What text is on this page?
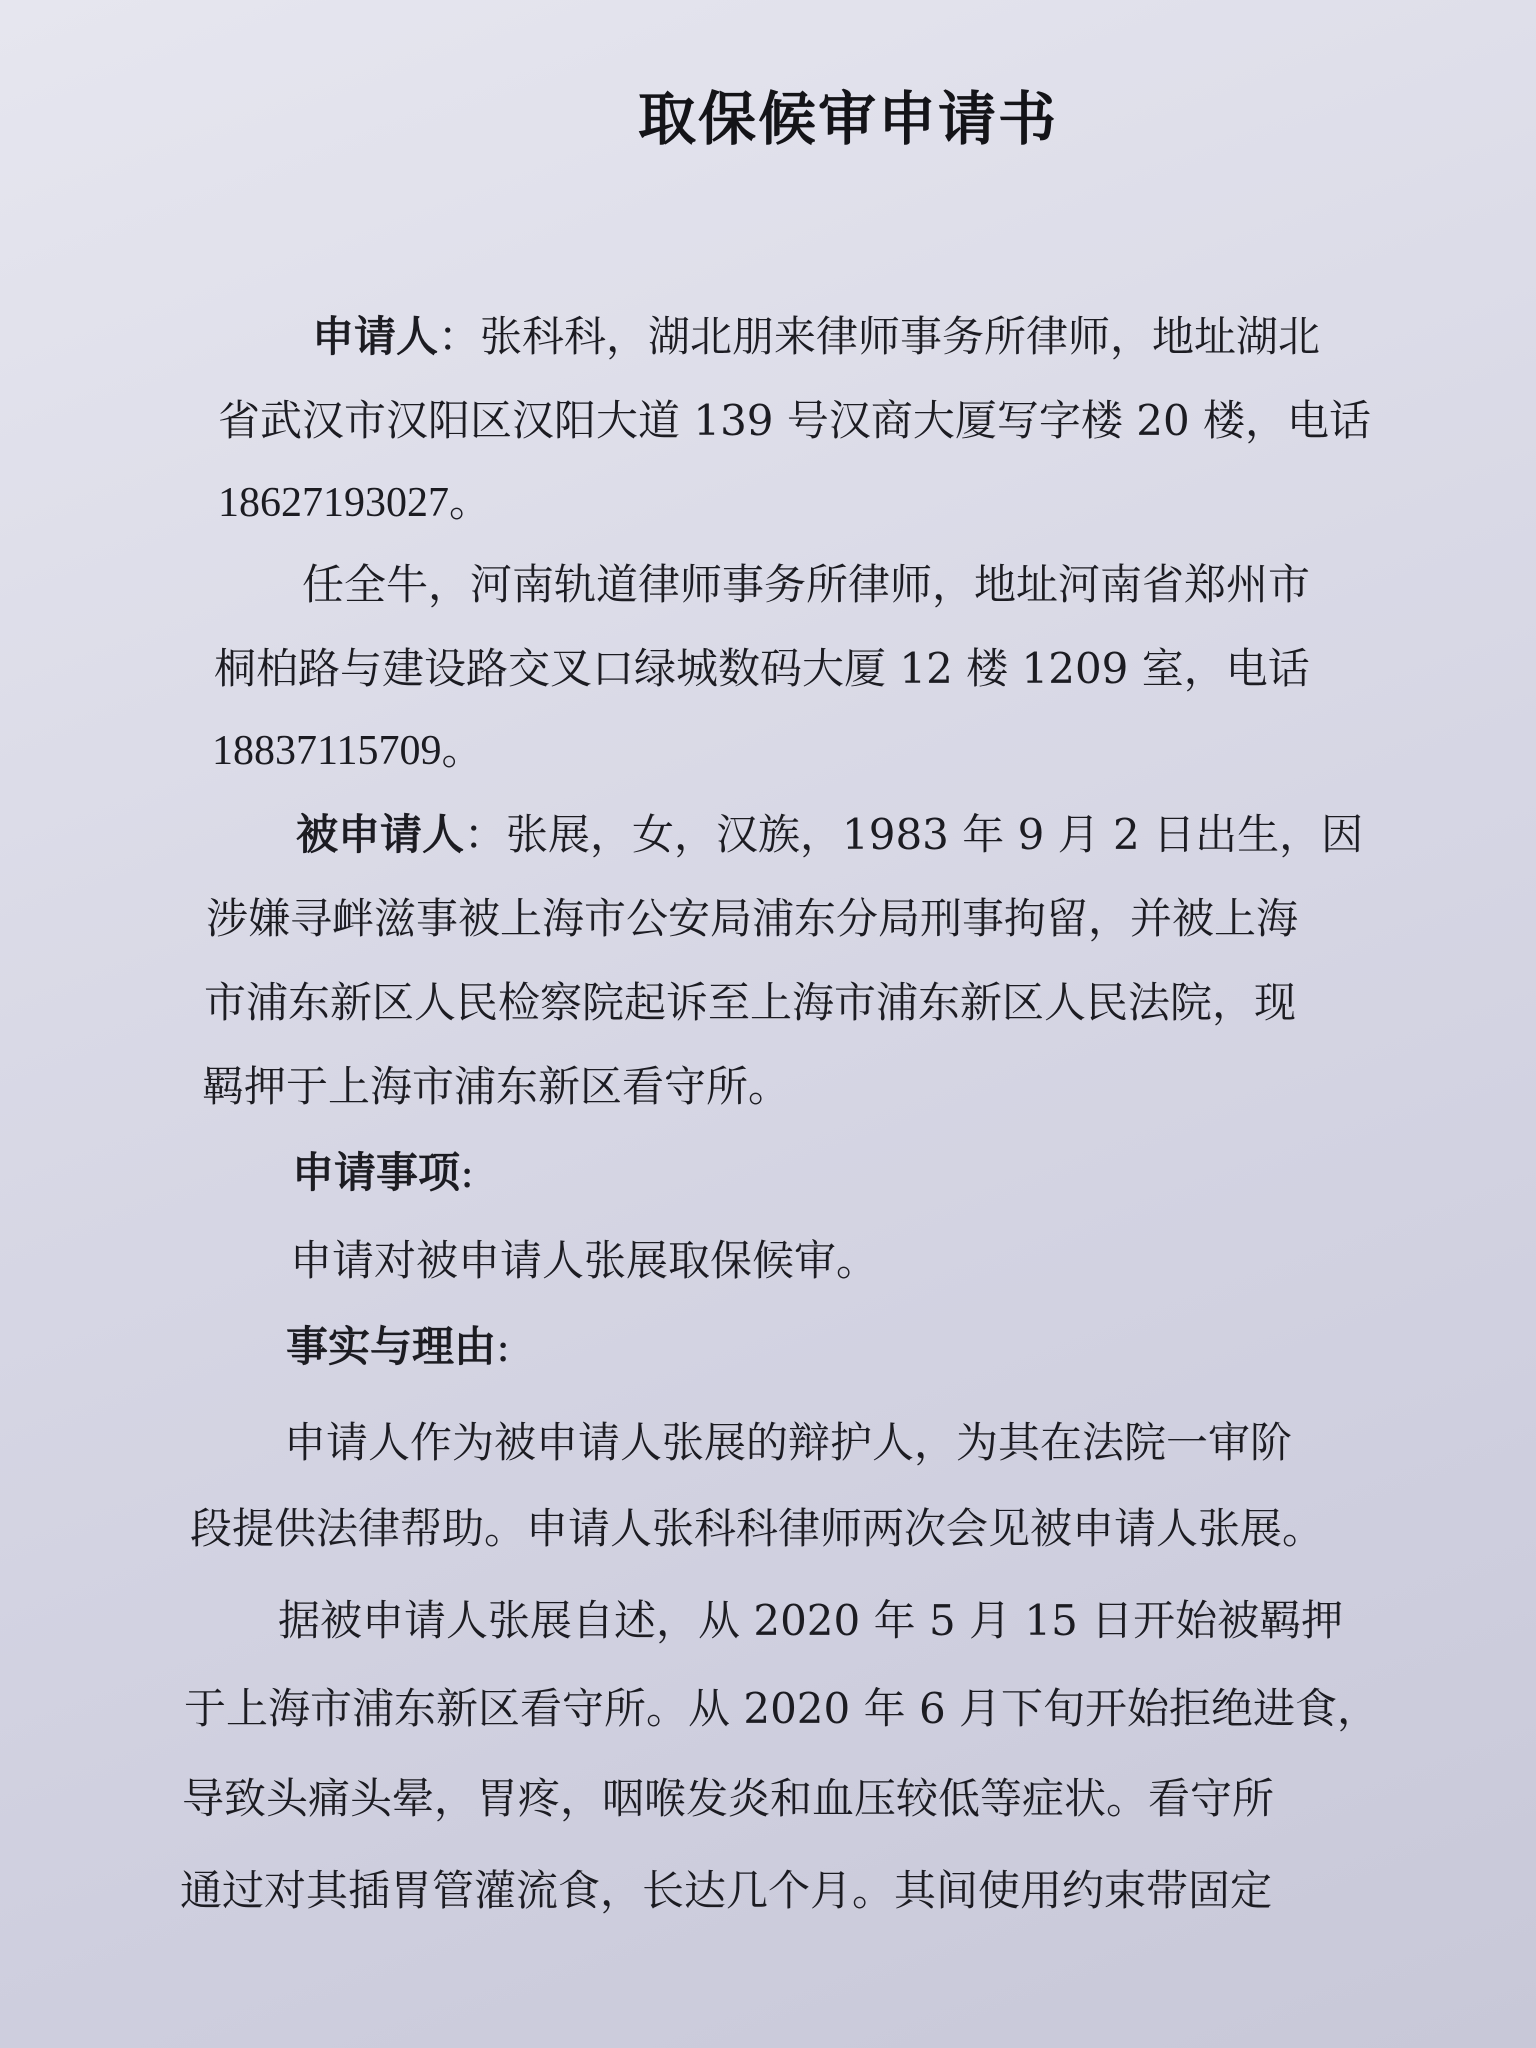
取保候审申请书
申请人：张科科，湖北朋来律师事务所律师，地址湖北
省武汉市汉阳区汉阳大道 139 号汉商大厦写字楼 20 楼，电话
18627193027。
任全牛，河南轨道律师事务所律师，地址河南省郑州市
桐柏路与建设路交叉口绿城数码大厦 12 楼 1209 室，电话
18837115709。
被申请人：张展，女，汉族，1983 年 9 月 2 日出生，因
涉嫌寻衅滋事被上海市公安局浦东分局刑事拘留，并被上海
市浦东新区人民检察院起诉至上海市浦东新区人民法院，现
羁押于上海市浦东新区看守所。
申请事项:
申请对被申请人张展取保候审。
事实与理由:
申请人作为被申请人张展的辩护人，为其在法院一审阶
段提供法律帮助。申请人张科科律师两次会见被申请人张展。
据被申请人张展自述，从 2020 年 5 月 15 日开始被羁押
于上海市浦东新区看守所。从 2020 年 6 月下旬开始拒绝进食，
导致头痛头晕，胃疼，咽喉发炎和血压较低等症状。看守所
通过对其插胃管灌流食，长达几个月。其间使用约束带固定
